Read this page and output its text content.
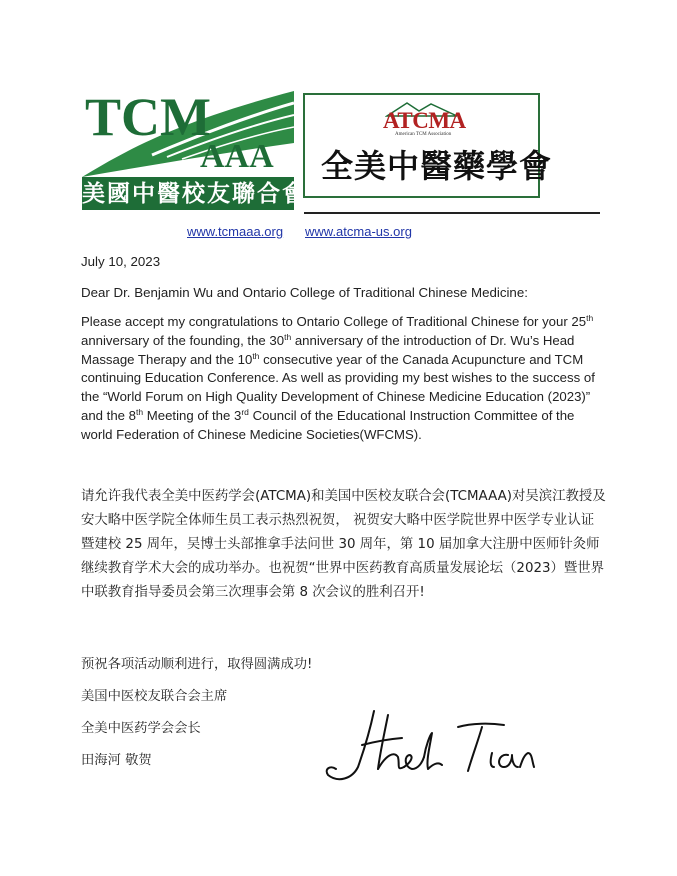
TCM
AAA
美國中醫校友聯合會
ATCMA
American TCM Association
全美中醫藥學會
www.tcmaaa.org www.atcma-us.org
July 10, 2023
Dear Dr. Benjamin Wu and Ontario College of Traditional Chinese Medicine:
Please accept my congratulations to Ontario College of Traditional Chinese for your 25th anniversary of the founding, the 30th anniversary of the introduction of Dr. Wu’s Head Massage Therapy and the 10th consecutive year of the Canada Acupuncture and TCM continuing Education Conference. As well as providing my best wishes to the success of the “World Forum on High Quality Development of Chinese Medicine Education (2023)” and the 8th Meeting of the 3rd Council of the Educational Instruction Committee of the world Federation of Chinese Medicine Societies(WFCMS).
请允许我代表全美中医药学会(ATCMA)和美国中医校友联合会(TCMAAA)对吴滨江教授及安大略中医学院全体师生员工表示热烈祝贺， 祝贺安大略中医学院世界中医学专业认证暨建校 25 周年，吴博士头部推拿手法问世 30 周年，第 10 届加拿大注册中医师针灸师继续教育学术大会的成功举办。也祝贺“世界中医药教育高质量发展论坛（2023）暨世界中联教育指导委员会第三次理事会第 8 次会议的胜利召开!
预祝各项活动顺利进行，取得圆满成功!
美国中医校友联合会主席
全美中医药学会会长
田海河 敬贺
